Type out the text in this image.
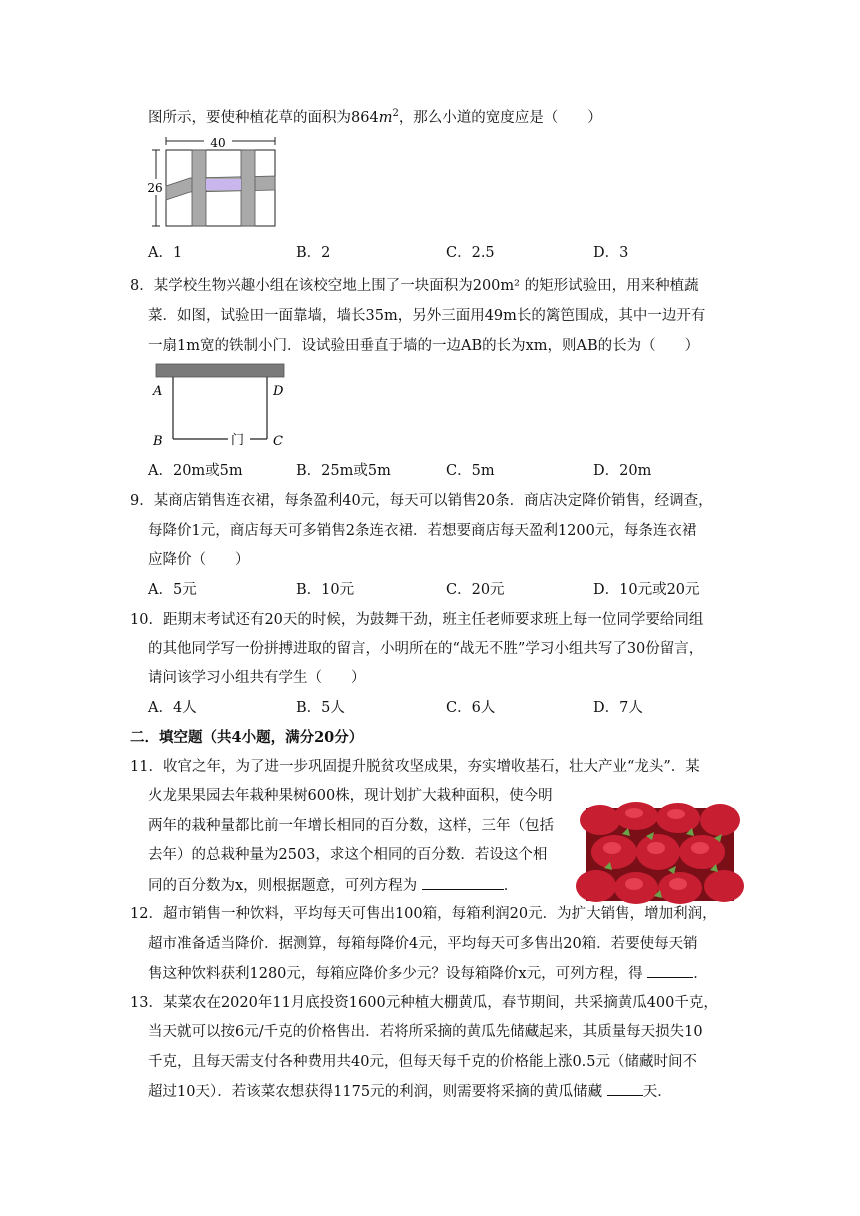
图所示，要使种植花草的面积为$864m^2$，那么小道的宽度应是（　　）
40
26
A．1	B．2	C．2.5	D．3
8．某学校生物兴趣小组在该校空地上围了一块面积为200m² 的矩形试验田，用来种植蔬
菜．如图，试验田一面靠墙，墙长35m，另外三面用49m长的篱笆围成，其中一边开有
一扇1m宽的铁制小门．设试验田垂直于墙的一边AB的长为xm，则AB的长为（　　）
A	D
B	C
门
A．20m或5m	B．25m或5m	C．5m	D．20m
9．某商店销售连衣裙，每条盈利40元，每天可以销售20条．商店决定降价销售，经调查，
每降价1元，商店每天可多销售2条连衣裙．若想要商店每天盈利1200元，每条连衣裙
应降价（　　）
A．5元	B．10元	C．20元	D．10元或20元
10．距期末考试还有20天的时候，为鼓舞干劲，班主任老师要求班上每一位同学要给同组
的其他同学写一份拼搏进取的留言，小明所在的“战无不胜”学习小组共写了30份留言，
请问该学习小组共有学生（　　）
A．4人	B．5人	C．6人	D．7人
二．填空题（共4小题，满分20分）
11．收官之年，为了进一步巩固提升脱贫攻坚成果，夯实增收基石，壮大产业“龙头”．某
火龙果果园去年栽种果树600株，现计划扩大栽种面积，使今明
两年的栽种量都比前一年增长相同的百分数，这样，三年（包括
去年）的总栽种量为2503，求这个相同的百分数．若设这个相
同的百分数为x，则根据题意，可列方程为	．
12．超市销售一种饮料，平均每天可售出100箱，每箱利润20元．为扩大销售，增加利润，
超市准备适当降价．据测算，每箱每降价4元，平均每天可多售出20箱．若要使每天销
售这种饮料获利1280元，每箱应降价多少元？设每箱降价x元，可列方程，得	．
13．某菜农在2020年11月底投资1600元种植大棚黄瓜，春节期间，共采摘黄瓜400千克，
当天就可以按6元/千克的价格售出．若将所采摘的黄瓜先储藏起来，其质量每天损失10
千克，且每天需支付各种费用共40元，但每天每千克的价格能上涨0.5元（储藏时间不
超过10天）．若该菜农想获得1175元的利润，则需要将采摘的黄瓜储藏	天．
